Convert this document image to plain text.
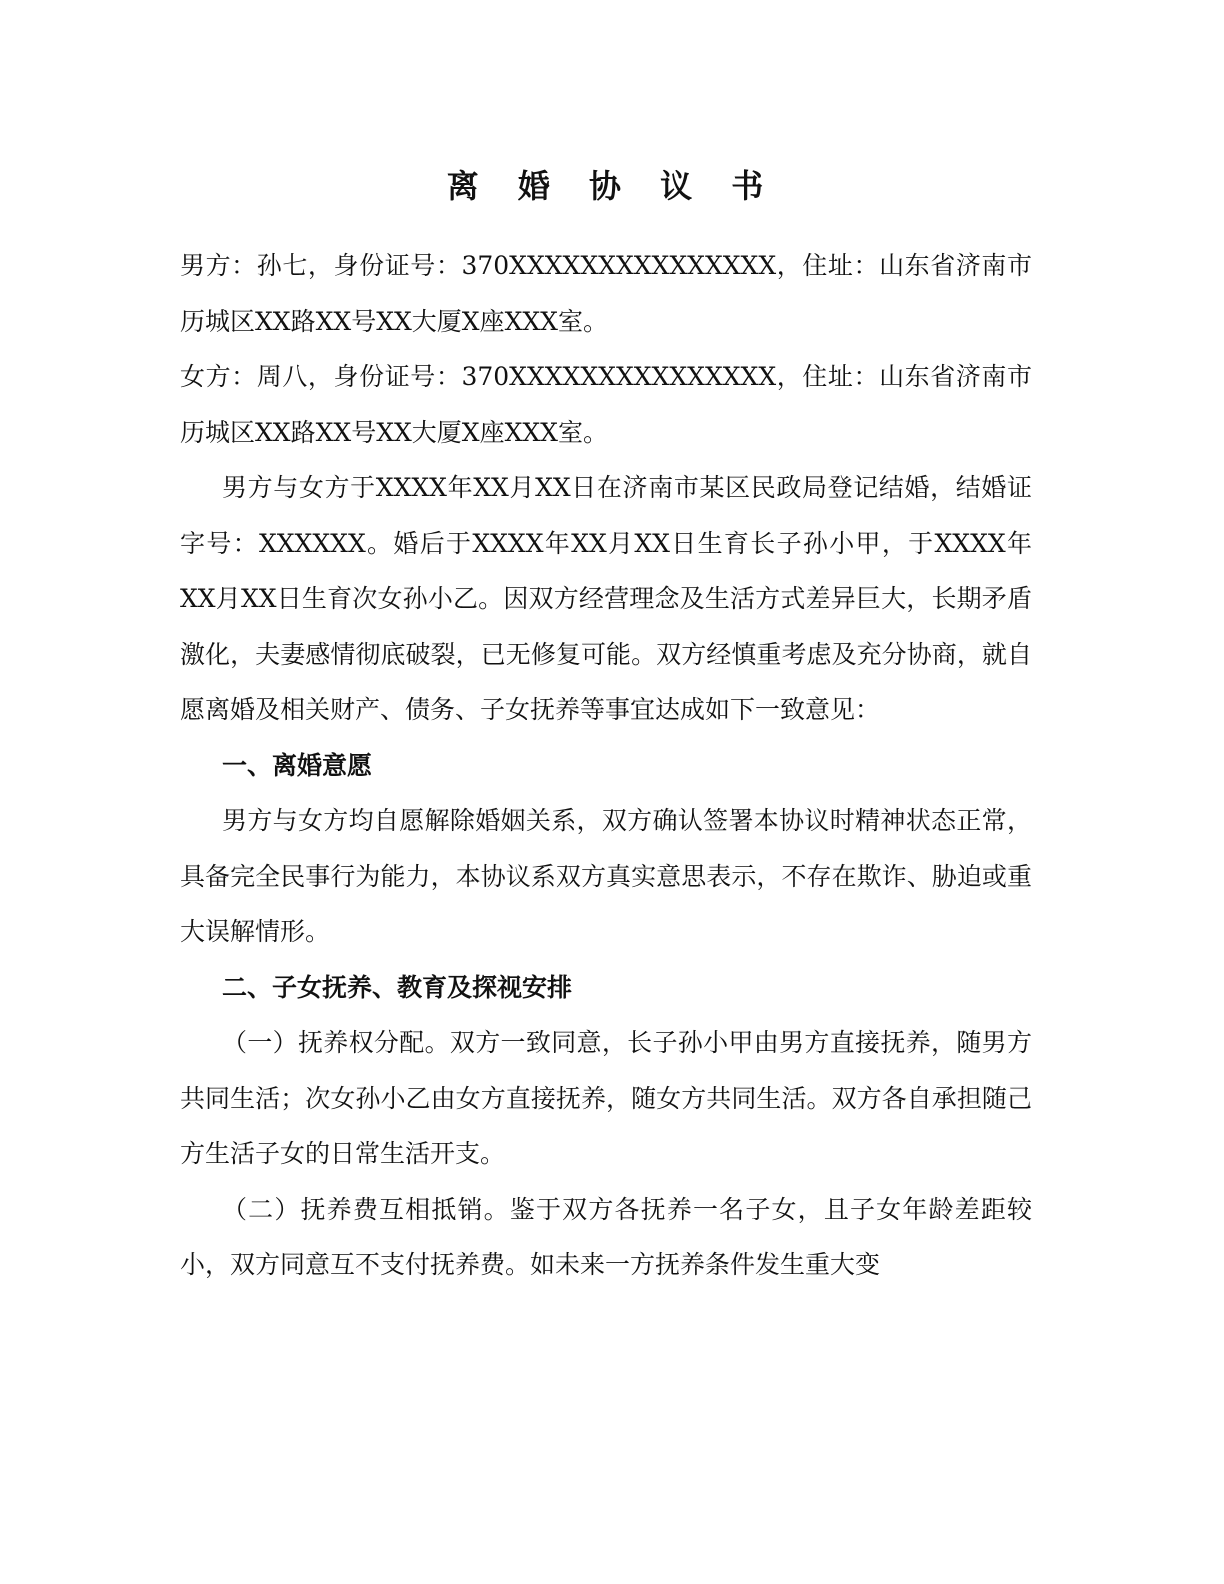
离 婚 协 议 书

男方：孙七，身份证号：370XXXXXXXXXXXXXXX，住址：山东省济南市历城区XX路XX号XX大厦X座XXX室。

女方：周八，身份证号：370XXXXXXXXXXXXXXX，住址：山东省济南市历城区XX路XX号XX大厦X座XXX室。

男方与女方于XXXX年XX月XX日在济南市某区民政局登记结婚，结婚证字号：XXXXXX。婚后于XXXX年XX月XX日生育长子孙小甲，于XXXX年XX月XX日生育次女孙小乙。因双方经营理念及生活方式差异巨大，长期矛盾激化，夫妻感情彻底破裂，已无修复可能。双方经慎重考虑及充分协商，就自愿离婚及相关财产、债务、子女抚养等事宜达成如下一致意见：

一、离婚意愿

男方与女方均自愿解除婚姻关系，双方确认签署本协议时精神状态正常，具备完全民事行为能力，本协议系双方真实意思表示，不存在欺诈、胁迫或重大误解情形。

二、子女抚养、教育及探视安排

（一）抚养权分配。双方一致同意，长子孙小甲由男方直接抚养，随男方共同生活；次女孙小乙由女方直接抚养，随女方共同生活。双方各自承担随己方生活子女的日常生活开支。

（二）抚养费互相抵销。鉴于双方各抚养一名子女，且子女年龄差距较小，双方同意互不支付抚养费。如未来一方抚养条件发生重大变
